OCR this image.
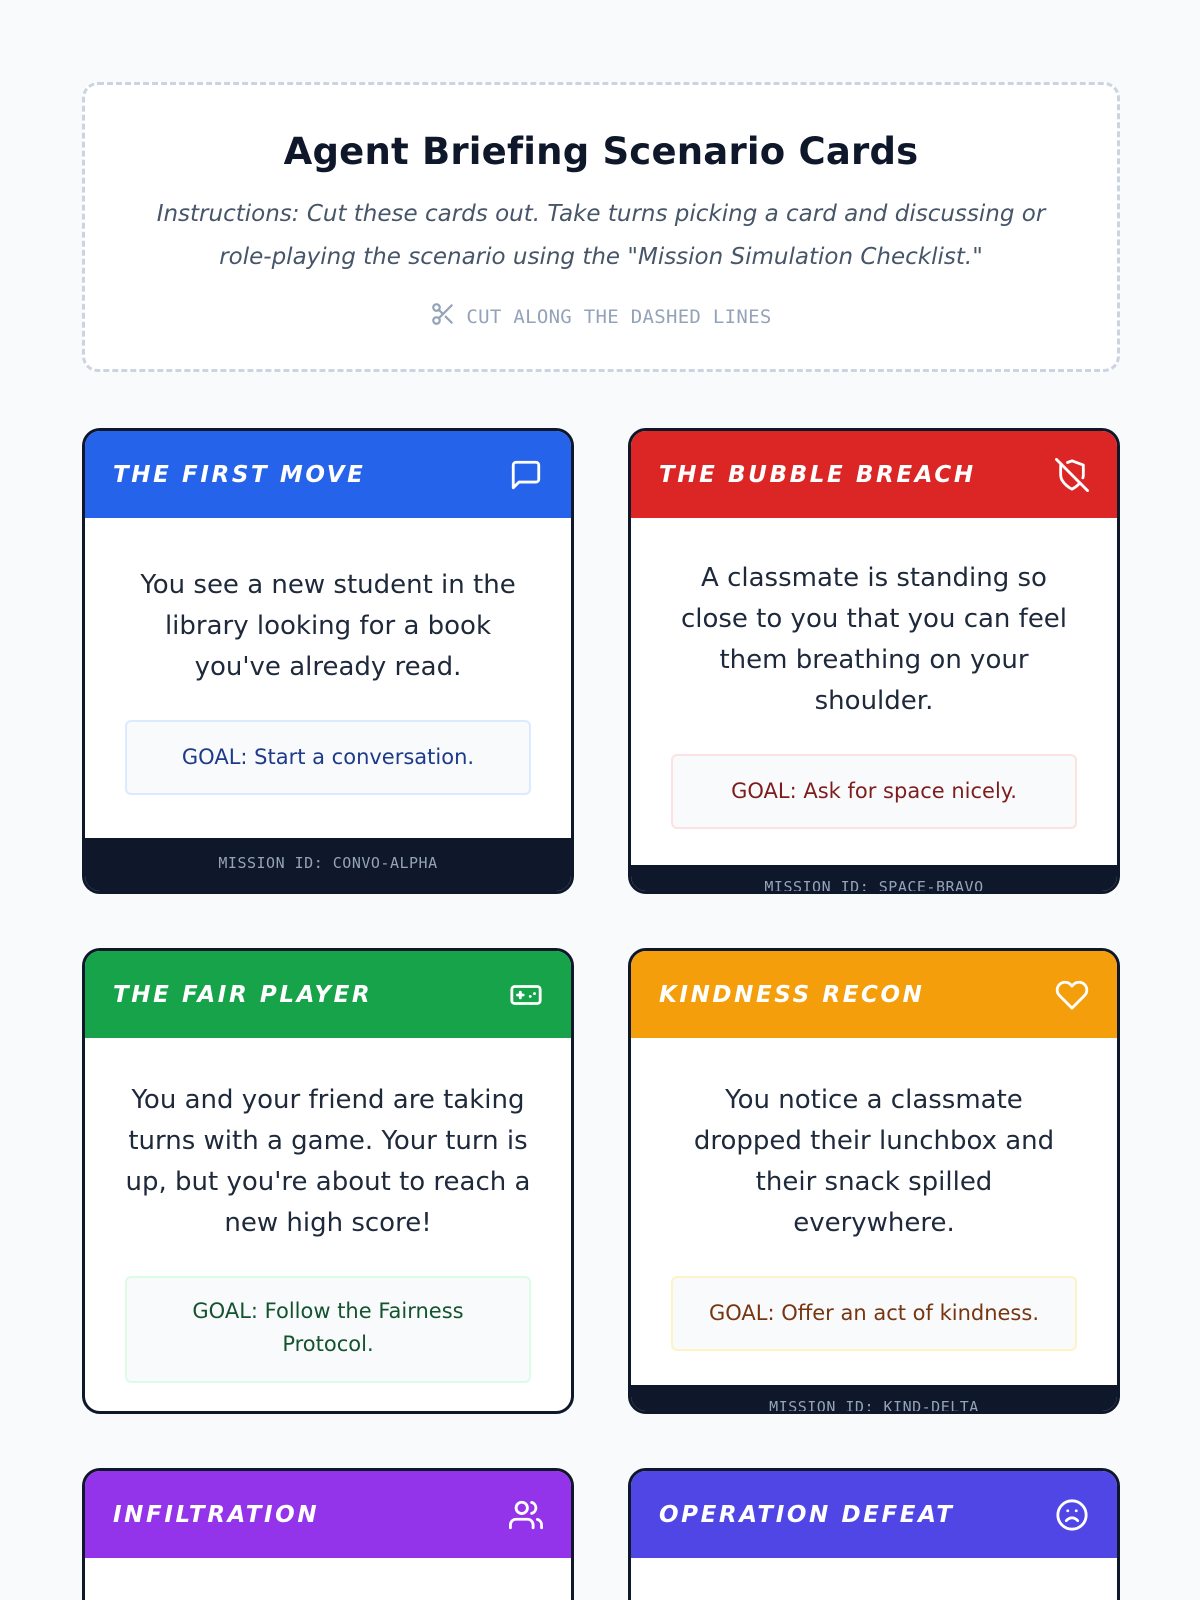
Agent Briefing Scenario Cards

Instructions: Cut these cards out. Take turns picking a card and discussing or role-playing the scenario using the "Mission Simulation Checklist."

CUT ALONG THE DASHED LINES
THE FIRST MOVE

You see a new student in the library looking for a book you've already read.

GOAL: Start a conversation.
MISSION ID: CONVO-ALPHA
THE BUBBLE BREACH

A classmate is standing so close to you that you can feel them breathing on your shoulder.

GOAL: Ask for space nicely.
MISSION ID: SPACE-BRAVO
THE FAIR PLAYER

You and your friend are taking turns with a game. Your turn is up, but you're about to reach a new high score!

GOAL: Follow the Fairness Protocol.
KINDNESS RECON

You notice a classmate dropped their lunchbox and their snack spilled everywhere.

GOAL: Offer an act of kindness.
MISSION ID: KIND-DELTA
INFILTRATION	OPERATION DEFEAT
